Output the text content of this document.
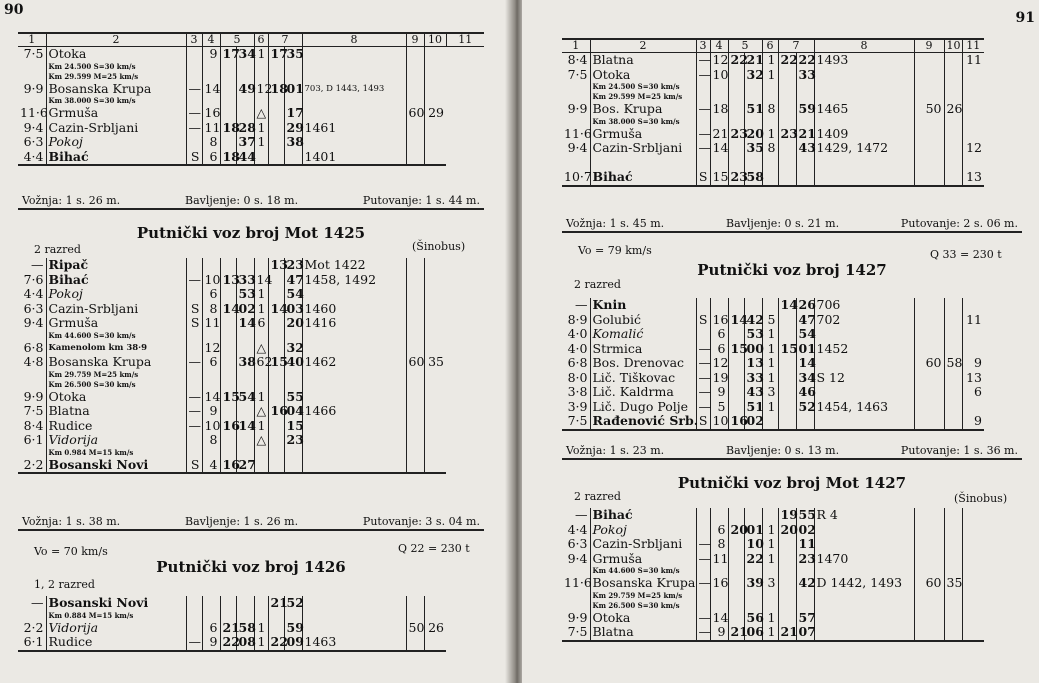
90
1	2	3	4	5		6	7		8	9	10	11
7·5	Otoka		9	17	34	1	17	35				
	Km 24.500 S=30 km/s											
	Km 29.599 M=25 km/s											
9·9	Bosanska Krupa	—	14		49	12	18	01	703, D 1443, 1493			
	Km 38.000 S=30 km/s											
11·6	Grmuša	—	16			△		17		60	29	
9·4	Cazin-Srbljani	—	11	18	28	1		29	1461			
6·3	Pokoj		8		37	1		38				
4·4	Bihać	S	6	18	44				1401			
Vožnja: 1 s. 26 m.	Bavljenje: 0 s. 18 m.	Putovanje: 1 s. 44 m.
Putnički voz broj Mot 1425
2 razred	(Šinobus)
—	Ripač						13	23	Mot 1422		
7·6	Bihać	—	10	13	33	14		47	1458, 1492		
4·4	Pokoj		6		53	1		54			
6·3	Cazin-Srbljani	S	8	14	02	1	14	03	1460		
9·4	Grmuša	S	11		14	6		20	1416		
	Km 44.600 S=30 km/s										
6·8	Kamenolom km 38·9		12			△		32			
4·8	Bosanska Krupa	—	6		38	62	15	40	1462	60	35
	Km 29.759 M=25 km/s										
	Km 26.500 S=30 km/s										
9·9	Otoka	—	14	15	54	1		55			
7·5	Blatna	—	9			△	16	04	1466		
8·4	Rudice	—	10	16	14	1		15			
6·1	Vidorija		8			△		23			
	Km 0.984 M=15 km/s										
2·2	Bosanski Novi	S	4	16	27						
Vožnja: 1 s. 38 m.	Bavljenje: 1 s. 26 m.	Putovanje: 3 s. 04 m.
Vo = 70 km/s	Q 22 = 230 t
Putnički voz broj 1426
1, 2 razred
—	Bosanski Novi						21	52			
	Km 0.884 M=15 km/s										
2·2	Vidorija		6	21	58	1		59		50	26
6·1	Rudice	—	9	22	08	1	22	09	1463		
91
1	2	3	4	5		6	7		8	9	10	11
8·4	Blatna	—	12	22	21	1	22	22	1493			11
7·5	Otoka	—	10		32	1		33				
	Km 24.500 S=30 km/s											
	Km 29.599 M=25 km/s											
9·9	Bos. Krupa	—	18		51	8		59	1465	50	26	
	Km 38.000 S=30 km/s											
11·6	Grmuša	—	21	23	20	1	23	21	1409			
9·4	Cazin-Srbljani	—	14		35	8		43	1429, 1472			12

10·7	Bihać	S	15	23	58							13
Vožnja: 1 s. 45 m.	Bavljenje: 0 s. 21 m.	Putovanje: 2 s. 06 m.
Vo = 79 km/s	Q 33 = 230 t
Putnički voz broj 1427
2 razred
—	Knin						14	26	706			
8·9	Golubić	S	16	14	42	5		47	702			11
4·0	Komalić		6		53	1		54				
4·0	Strmica	—	6	15	00	1	15	01	1452			
6·8	Bos. Drenovac	—	12		13	1		14		60	58	9
8·0	Lič. Tiškovac	—	19		33	1		34	S 12			13
3·8	Lič. Kaldrma	—	9		43	3		46				6
3·9	Lič. Dugo Polje	—	5		51	1		52	1454, 1463			
7·5	Rađenović Srb.	S	10	16	02							9
Vožnja: 1 s. 23 m.	Bavljenje: 0 s. 13 m.	Putovanje: 1 s. 36 m.
Putnički voz broj Mot 1427
2 razred	(Šinobus)
—	Bihać						19	55	R 4			
4·4	Pokoj		6	20	01	1	20	02				
6·3	Cazin-Srbljani	—	8		10	1		11				
9·4	Grmuša	—	11		22	1		23	1470			
	Km 44.600 S=30 km/s											
11·6	Bosanska Krupa	—	16		39	3		42	D 1442, 1493	60	35	
	Km 29.759 M=25 km/s											
	Km 26.500 S=30 km/s											
9·9	Otoka	—	14		56	1		57				
7·5	Blatna	—	9	21	06	1	21	07				
